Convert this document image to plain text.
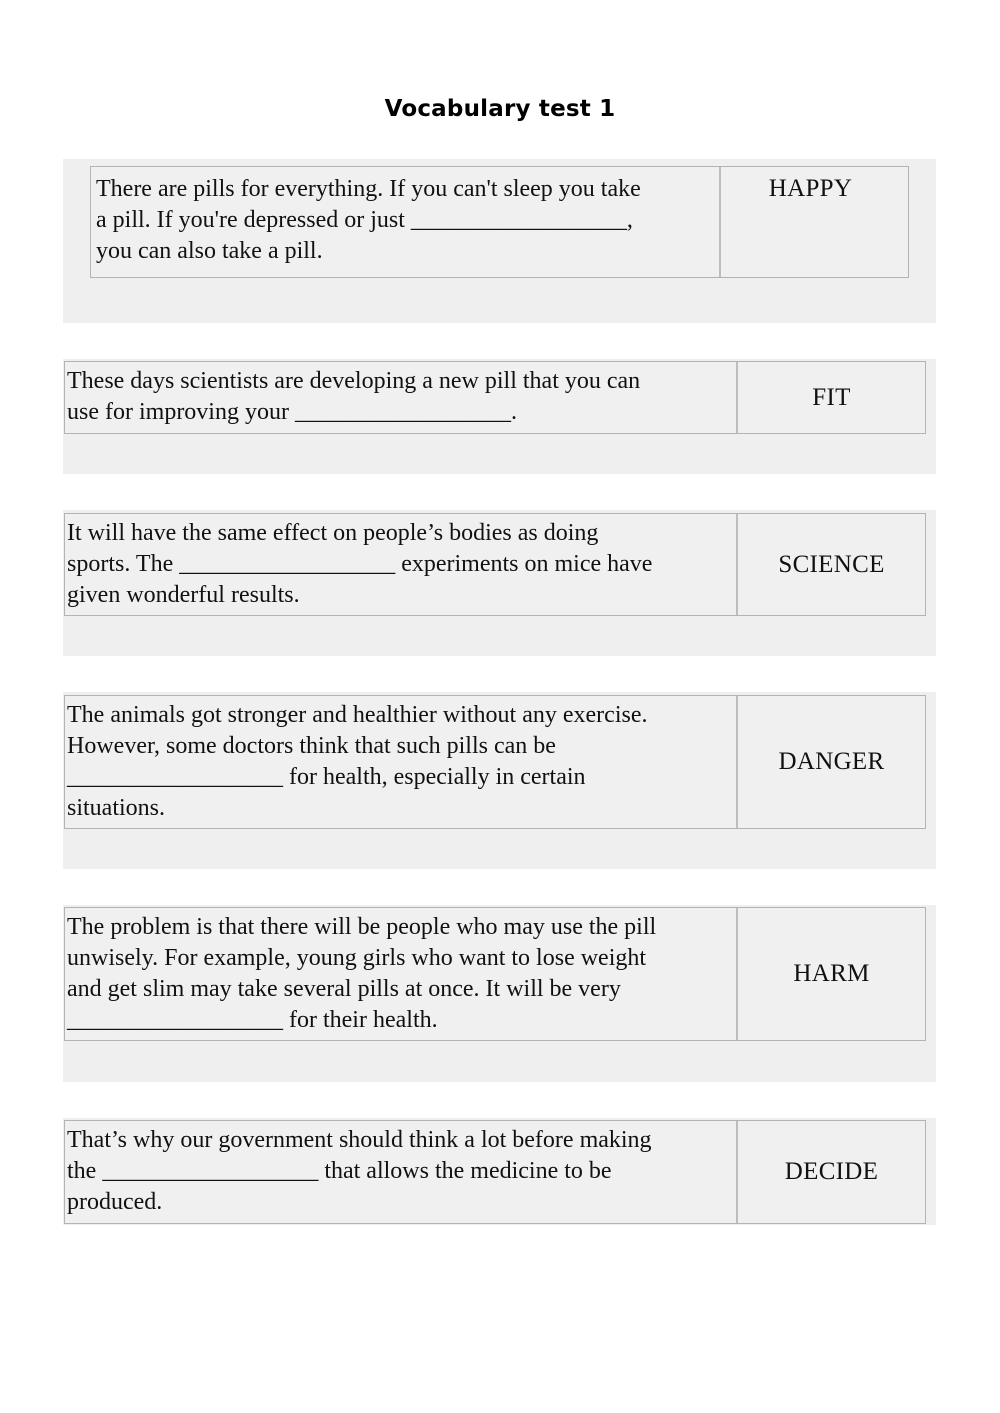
Vocabulary test 1
There are pills for everything. If you can't sleep you take
a pill. If you're depressed or just __________________,
you can also take a pill.
HAPPY
These days scientists are developing a new pill that you can
use for improving your __________________.
FIT
It will have the same effect on people’s bodies as doing
sports. The __________________ experiments on mice have
given wonderful results.
SCIENCE
The animals got stronger and healthier without any exercise.
However, some doctors think that such pills can be
__________________ for health, especially in certain
situations.
DANGER
The problem is that there will be people who may use the pill
unwisely. For example, young girls who want to lose weight
and get slim may take several pills at once. It will be very
__________________ for their health.
HARM
That’s why our government should think a lot before making
the __________________ that allows the medicine to be
produced.
DECIDE
